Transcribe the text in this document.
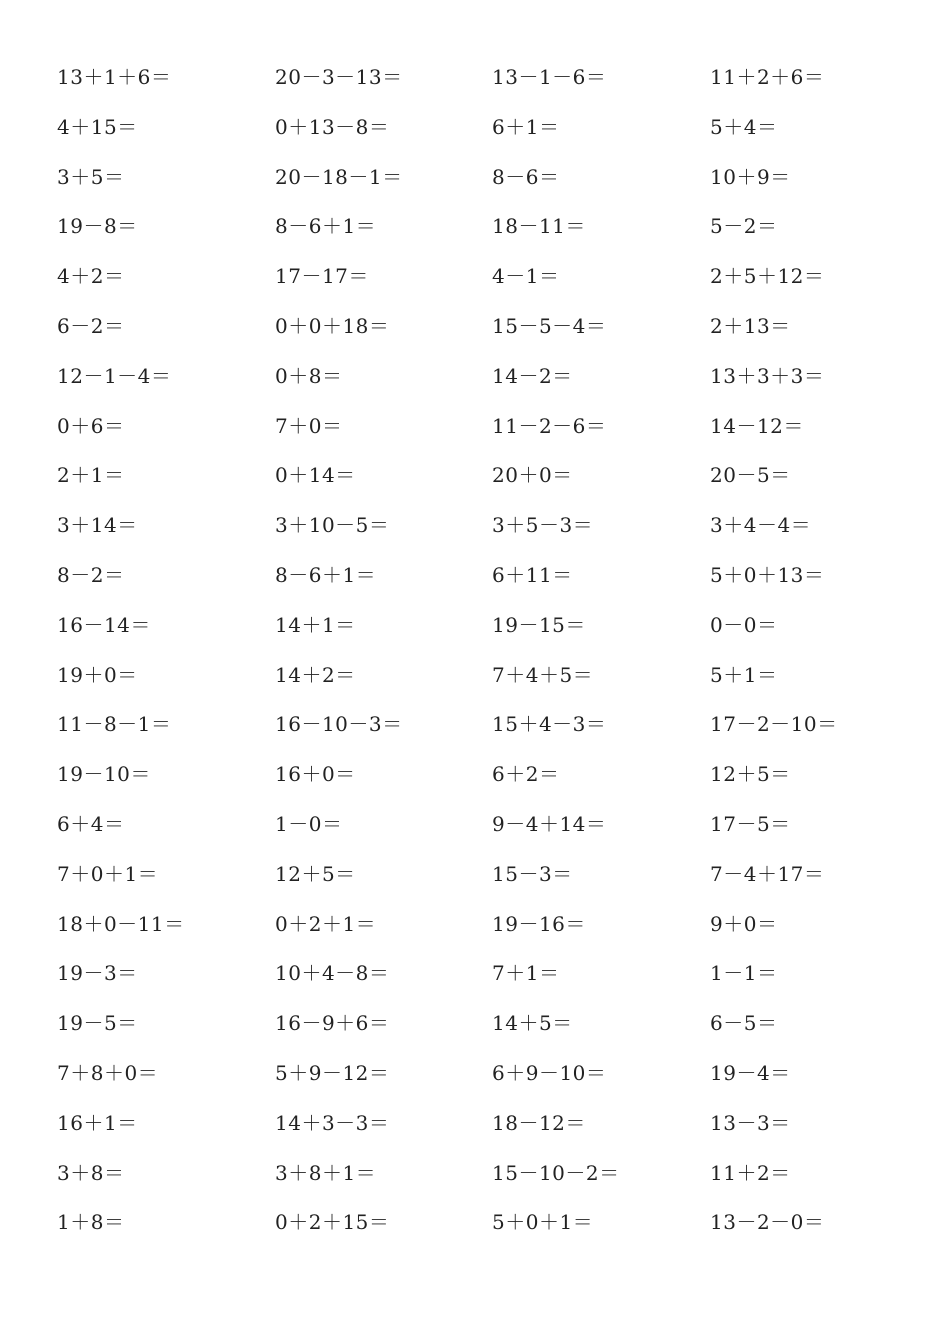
13＋1＋6＝	20－3－13＝	13－1－6＝	11＋2＋6＝
4＋15＝	0＋13－8＝	6＋1＝	5＋4＝
3＋5＝	20－18－1＝	8－6＝	10＋9＝
19－8＝	8－6＋1＝	18－11＝	5－2＝
4＋2＝	17－17＝	4－1＝	2＋5＋12＝
6－2＝	0＋0＋18＝	15－5－4＝	2＋13＝
12－1－4＝	0＋8＝	14－2＝	13＋3＋3＝
0＋6＝	7＋0＝	11－2－6＝	14－12＝
2＋1＝	0＋14＝	20＋0＝	20－5＝
3＋14＝	3＋10－5＝	3＋5－3＝	3＋4－4＝
8－2＝	8－6＋1＝	6＋11＝	5＋0＋13＝
16－14＝	14＋1＝	19－15＝	0－0＝
19＋0＝	14＋2＝	7＋4＋5＝	5＋1＝
11－8－1＝	16－10－3＝	15＋4－3＝	17－2－10＝
19－10＝	16＋0＝	6＋2＝	12＋5＝
6＋4＝	1－0＝	9－4＋14＝	17－5＝
7＋0＋1＝	12＋5＝	15－3＝	7－4＋17＝
18＋0－11＝	0＋2＋1＝	19－16＝	9＋0＝
19－3＝	10＋4－8＝	7＋1＝	1－1＝
19－5＝	16－9＋6＝	14＋5＝	6－5＝
7＋8＋0＝	5＋9－12＝	6＋9－10＝	19－4＝
16＋1＝	14＋3－3＝	18－12＝	13－3＝
3＋8＝	3＋8＋1＝	15－10－2＝	11＋2＝
1＋8＝	0＋2＋15＝	5＋0＋1＝	13－2－0＝
